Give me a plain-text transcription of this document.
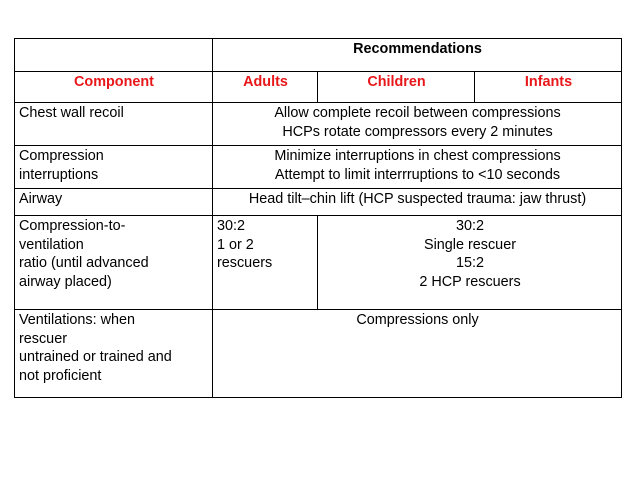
	Recommendations		
Component	Adults	Children	Infants
Chest wall recoil	Allow complete recoil between compressions
HCPs rotate compressors every 2 minutes		

Compression
interruptions	Minimize interruptions in chest compressions
Attempt to limit interrruptions to <10 seconds		

Airway	Head tilt–chin lift (HCP suspected trauma: jaw thrust)		

Compression-to-
ventilation
ratio (until advanced
airway placed)	30:2
1 or 2
rescuers	30:2
Single rescuer
15:2
2 HCP rescuers	

Ventilations: when
rescuer
untrained or trained and
not proficient	Compressions only		
